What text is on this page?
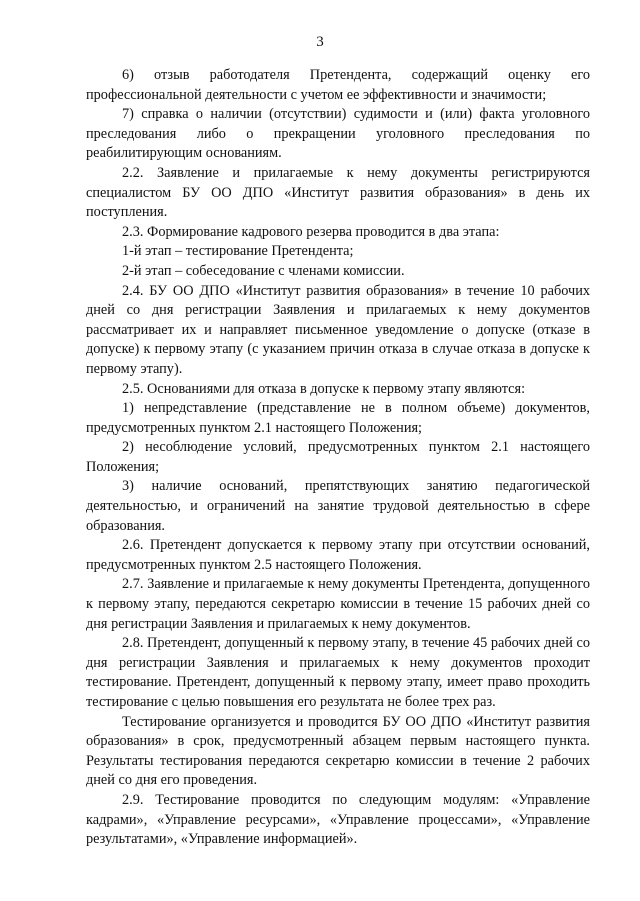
3

6) отзыв работодателя Претендента, содержащий оценку его профессиональной деятельности с учетом ее эффективности и значимости;

7) справка о наличии (отсутствии) судимости и (или) факта уголовного преследования либо о прекращении уголовного преследования по реабилитирующим основаниям.

2.2. Заявление и прилагаемые к нему документы регистрируются специалистом БУ ОО ДПО «Институт развития образования» в день их поступления.

2.3. Формирование кадрового резерва проводится в два этапа:

1-й этап – тестирование Претендента;

2-й этап – собеседование с членами комиссии.

2.4. БУ ОО ДПО «Институт развития образования» в течение 10 рабочих дней со дня регистрации Заявления и прилагаемых к нему документов рассматривает их и направляет письменное уведомление о допуске (отказе в допуске) к первому этапу (с указанием причин отказа в случае отказа в допуске к первому этапу).

2.5. Основаниями для отказа в допуске к первому этапу являются:

1) непредставление (представление не в полном объеме) документов, предусмотренных пунктом 2.1 настоящего Положения;

2) несоблюдение условий, предусмотренных пунктом 2.1 настоящего Положения;

3) наличие оснований, препятствующих занятию педагогической деятельностью, и ограничений на занятие трудовой деятельностью в сфере образования.

2.6. Претендент допускается к первому этапу при отсутствии оснований, предусмотренных пунктом 2.5 настоящего Положения.

2.7. Заявление и прилагаемые к нему документы Претендента, допущенного к первому этапу, передаются секретарю комиссии в течение 15 рабочих дней со дня регистрации Заявления и прилагаемых к нему документов.

2.8. Претендент, допущенный к первому этапу, в течение 45 рабочих дней со дня регистрации Заявления и прилагаемых к нему документов проходит тестирование. Претендент, допущенный к первому этапу, имеет право проходить тестирование с целью повышения его результата не более трех раз.

Тестирование организуется и проводится БУ ОО ДПО «Институт развития образования» в срок, предусмотренный абзацем первым настоящего пункта. Результаты тестирования передаются секретарю комиссии в течение 2 рабочих дней со дня его проведения.

2.9. Тестирование проводится по следующим модулям: «Управление кадрами», «Управление ресурсами», «Управление процессами», «Управление результатами», «Управление информацией».
